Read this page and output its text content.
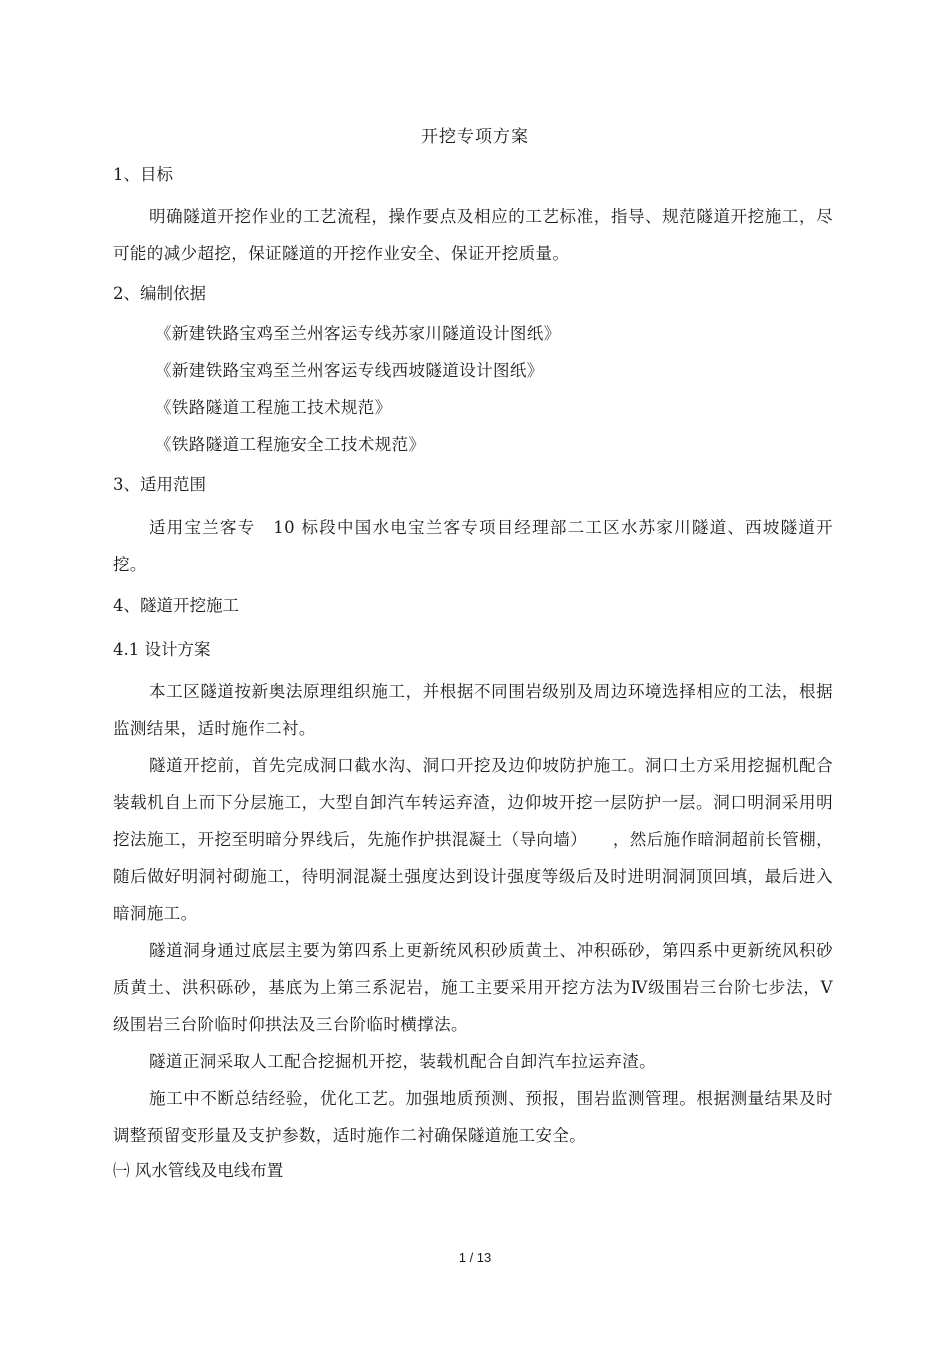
开挖专项方案

1、目标

明确隧道开挖作业的工艺流程，操作要点及相应的工艺标准，指导、规范隧道开挖施工，尽可能的减少超挖，保证隧道的开挖作业安全、保证开挖质量。

2、编制依据

《新建铁路宝鸡至兰州客运专线苏家川隧道设计图纸》

《新建铁路宝鸡至兰州客运专线西坡隧道设计图纸》

《铁路隧道工程施工技术规范》

《铁路隧道工程施安全工技术规范》

3、适用范围

适用宝兰客专　10 标段中国水电宝兰客专项目经理部二工区水苏家川隧道、西坡隧道开挖。

4、隧道开挖施工

4.1 设计方案

本工区隧道按新奥法原理组织施工，并根据不同围岩级别及周边环境选择相应的工法，根据监测结果，适时施作二衬。

隧道开挖前，首先完成洞口截水沟、洞口开挖及边仰坡防护施工。洞口土方采用挖掘机配合装载机自上而下分层施工，大型自卸汽车转运弃渣，边仰坡开挖一层防护一层。洞口明洞采用明挖法施工，开挖至明暗分界线后，先施作护拱混凝土（导向墙）　　，然后施作暗洞超前长管棚，随后做好明洞衬砌施工，待明洞混凝土强度达到设计强度等级后及时进明洞洞顶回填，最后进入暗洞施工。

隧道洞身通过底层主要为第四系上更新统风积砂质黄土、冲积砾砂，第四系中更新统风积砂质黄土、洪积砾砂，基底为上第三系泥岩，施工主要采用开挖方法为Ⅳ级围岩三台阶七步法，Ⅴ级围岩三台阶临时仰拱法及三台阶临时横撑法。

隧道正洞采取人工配合挖掘机开挖，装载机配合自卸汽车拉运弃渣。

施工中不断总结经验，优化工艺。加强地质预测、预报，围岩监测管理。根据测量结果及时调整预留变形量及支护参数，适时施作二衬确保隧道施工安全。

㈠ 风水管线及电线布置

1 / 13
